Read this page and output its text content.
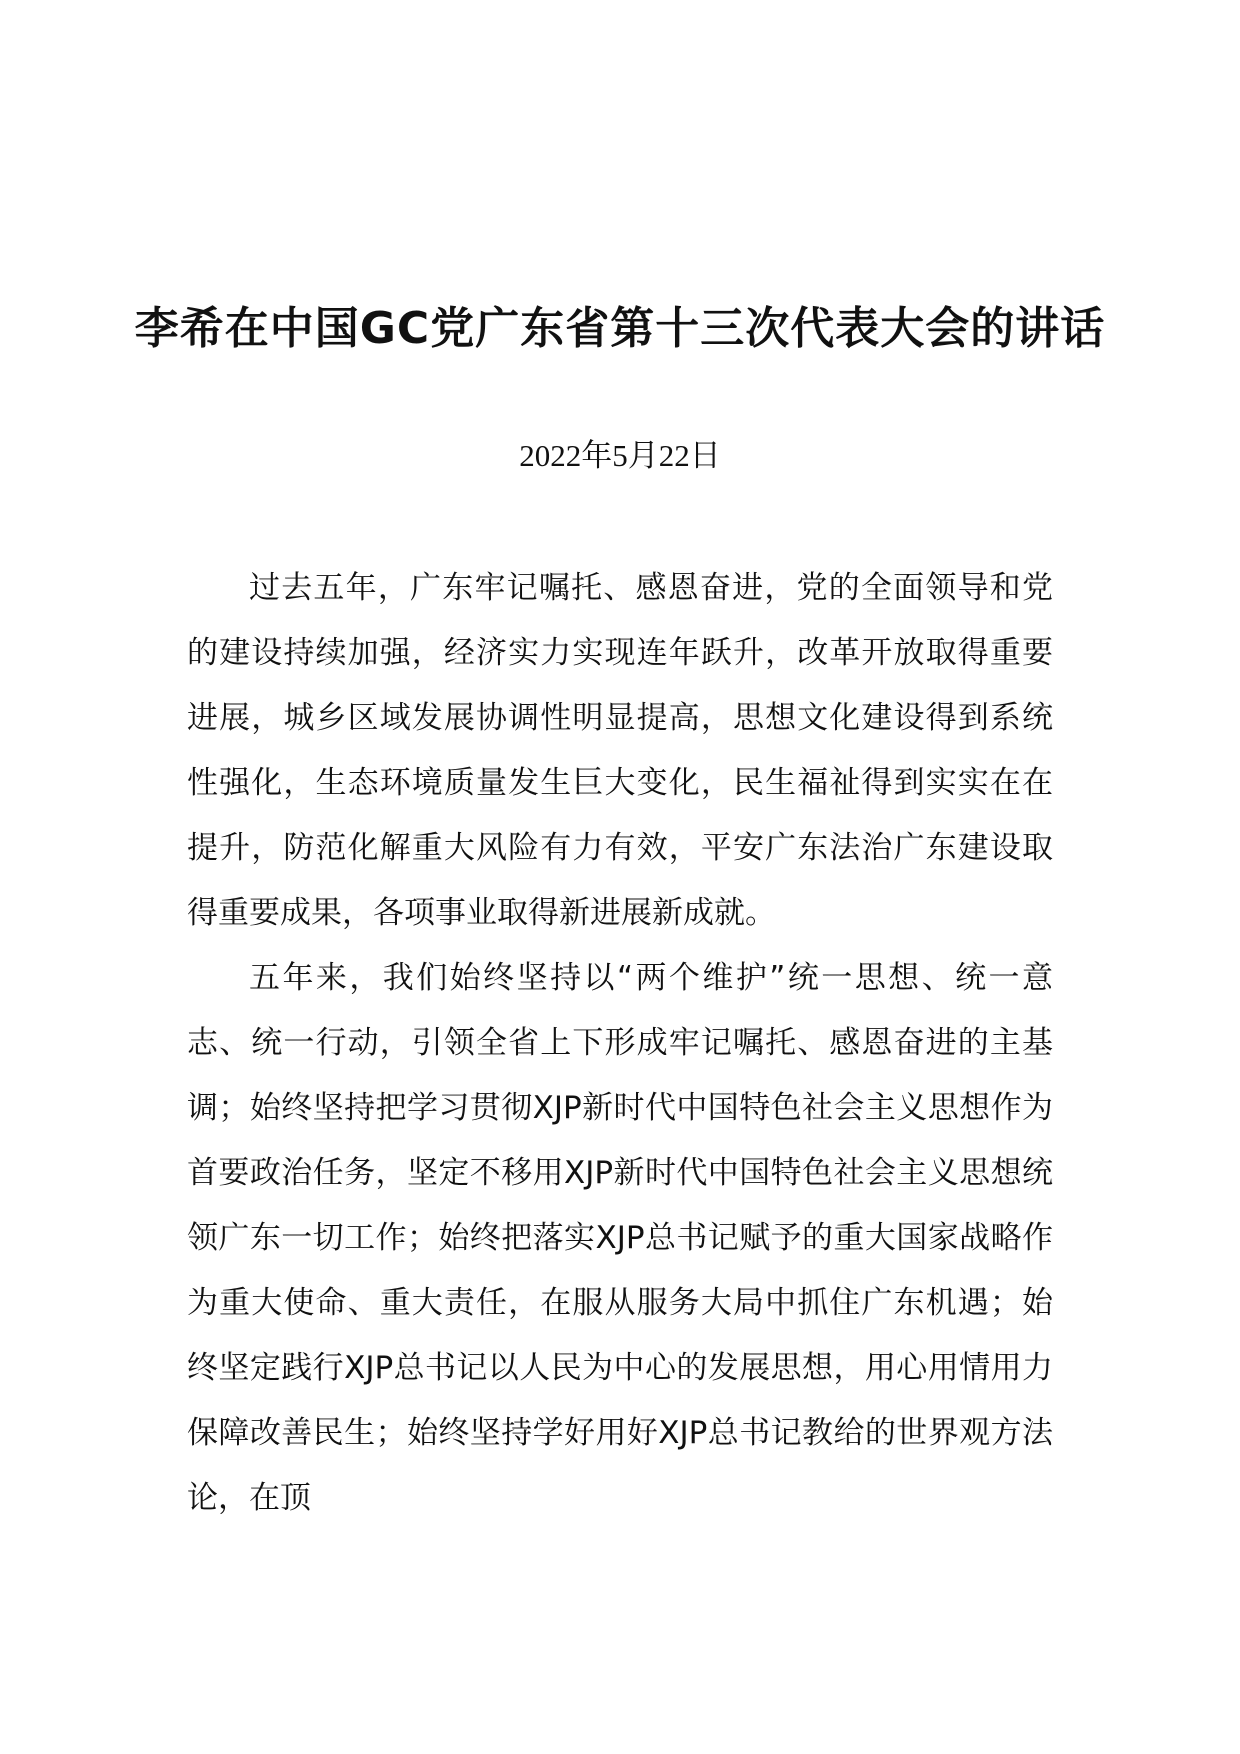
李希在中国GC党广东省第十三次代表大会的讲话
2022年5月22日

过去五年，广东牢记嘱托、感恩奋进，党的全面领导和党的建设持续加强，经济实力实现连年跃升，改革开放取得重要进展，城乡区域发展协调性明显提高，思想文化建设得到系统性强化，生态环境质量发生巨大变化，民生福祉得到实实在在提升，防范化解重大风险有力有效，平安广东法治广东建设取得重要成果，各项事业取得新进展新成就。

五年来，我们始终坚持以“两个维护”统一思想、统一意志、统一行动，引领全省上下形成牢记嘱托、感恩奋进的主基调；始终坚持把学习贯彻XJP新时代中国特色社会主义思想作为首要政治任务，坚定不移用XJP新时代中国特色社会主义思想统领广东一切工作；始终把落实XJP总书记赋予的重大国家战略作为重大使命、重大责任，在服从服务大局中抓住广东机遇；始终坚定践行XJP总书记以人民为中心的发展思想，用心用情用力保障改善民生；始终坚持学好用好XJP总书记教给的世界观方法论，在顶
